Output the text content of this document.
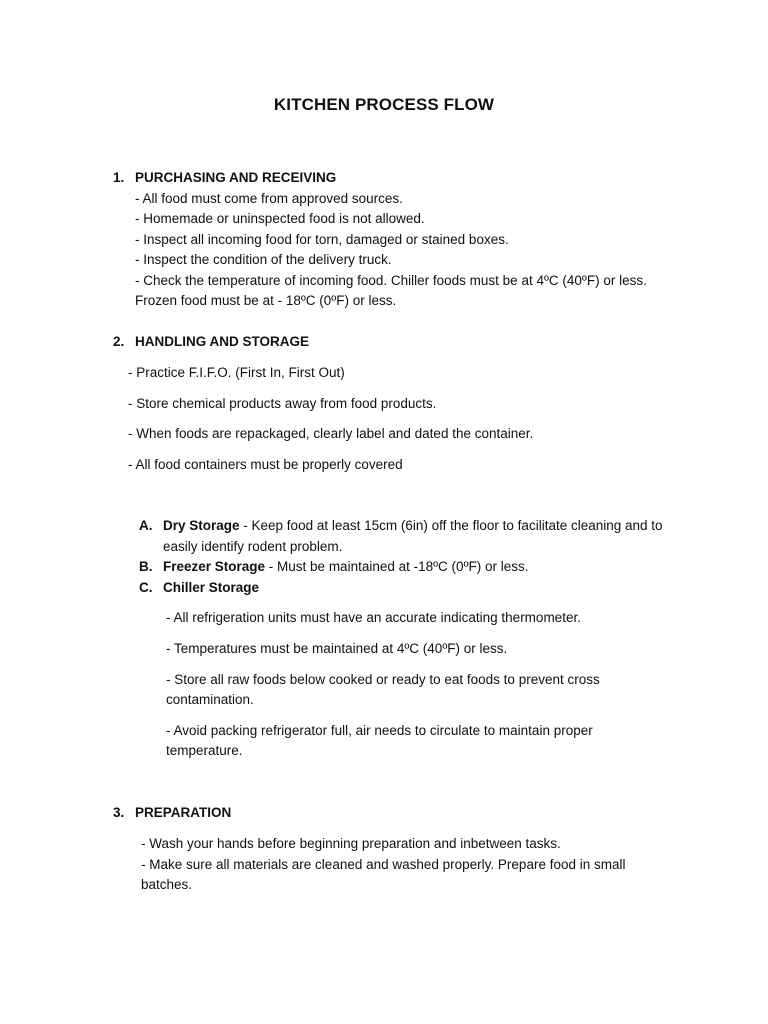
KITCHEN PROCESS FLOW
1. PURCHASING AND RECEIVING
- All food must come from approved sources.
- Homemade or uninspected food is not allowed.
- Inspect all incoming food for torn, damaged or stained boxes.
- Inspect the condition of the delivery truck.
- Check the temperature of incoming food. Chiller foods must be at 4ºC (40ºF) or less.
Frozen food must be at - 18ºC (0ºF) or less.
2. HANDLING AND STORAGE
- Practice F.I.F.O. (First In, First Out)
- Store chemical products away from food products.
- When foods are repackaged, clearly label and dated the container.
- All food containers must be properly covered
A. Dry Storage - Keep food at least 15cm (6in) off the floor to facilitate cleaning and to
easily identify rodent problem.
B. Freezer Storage - Must be maintained at -18ºC (0ºF) or less.
C. Chiller Storage
- All refrigeration units must have an accurate indicating thermometer.
- Temperatures must be maintained at 4ºC (40ºF) or less.
- Store all raw foods below cooked or ready to eat foods to prevent cross
contamination.
- Avoid packing refrigerator full, air needs to circulate to maintain proper
temperature.
3. PREPARATION
- Wash your hands before beginning preparation and inbetween tasks.
- Make sure all materials are cleaned and washed properly. Prepare food in small
batches.
